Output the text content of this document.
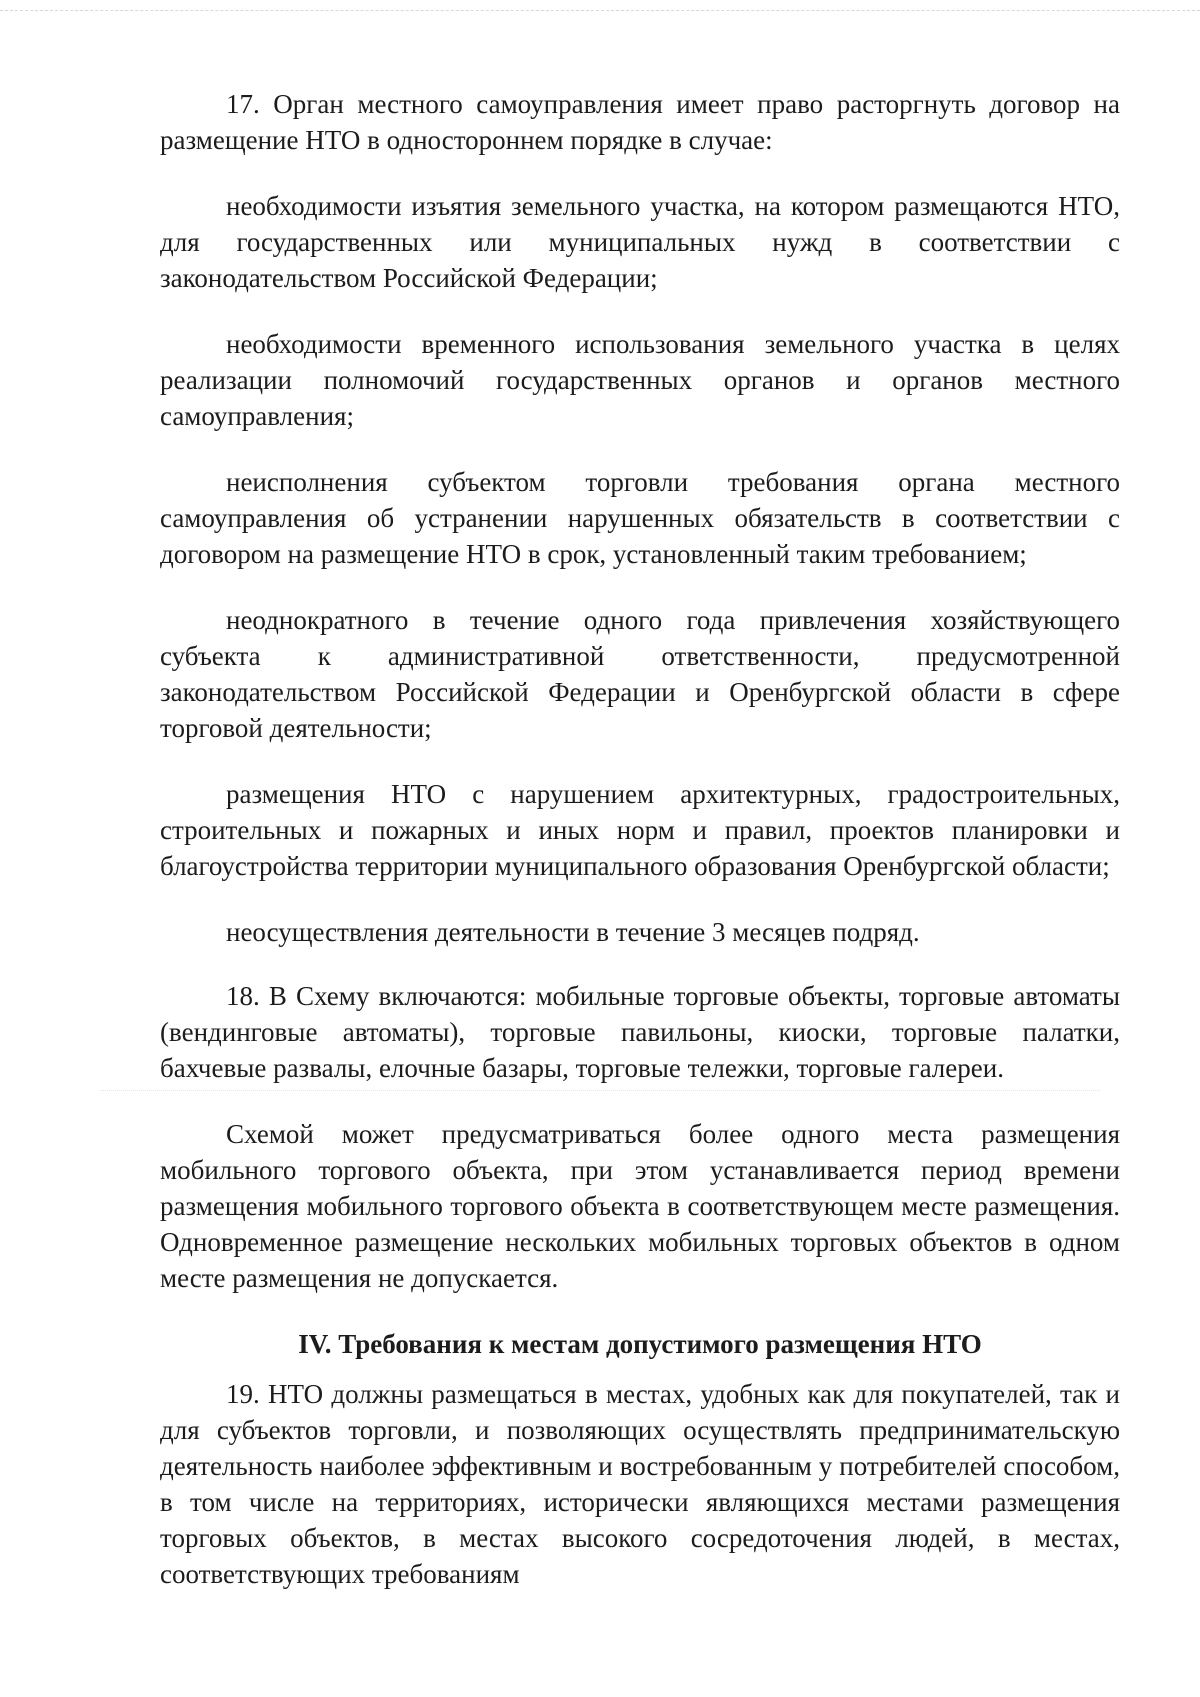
17. Орган местного самоуправления имеет право расторгнуть договор на размещение НТО в одностороннем порядке в случае:

необходимости изъятия земельного участка, на котором размещаются НТО, для государственных или муниципальных нужд в соответствии с законодательством Российской Федерации;

необходимости временного использования земельного участка в целях реализации полномочий государственных органов и органов местного самоуправления;

неисполнения субъектом торговли требования органа местного самоуправления об устранении нарушенных обязательств в соответствии с договором на размещение НТО в срок, установленный таким требованием;

неоднократного в течение одного года привлечения хозяйствующего субъекта к административной ответственности, предусмотренной законодательством Российской Федерации и Оренбургской области в сфере торговой деятельности;

размещения НТО с нарушением архитектурных, градостроительных, строительных и пожарных и иных норм и правил, проектов планировки и благоустройства территории муниципального образования Оренбургской области;

неосуществления деятельности в течение 3 месяцев подряд.

18. В Схему включаются: мобильные торговые объекты, торговые автоматы (вендинговые автоматы), торговые павильоны, киоски, торговые палатки, бахчевые развалы, елочные базары, торговые тележки, торговые галереи.

Схемой может предусматриваться более одного места размещения мобильного торгового объекта, при этом устанавливается период времени размещения мобильного торгового объекта в соответствующем месте размещения. Одновременное размещение нескольких мобильных торговых объектов в одном месте размещения не допускается.

IV. Требования к местам допустимого размещения НТО

19. НТО должны размещаться в местах, удобных как для покупателей, так и для субъектов торговли, и позволяющих осуществлять предпринимательскую деятельность наиболее эффективным и востребованным у потребителей способом, в том числе на территориях, исторически являющихся местами размещения торговых объектов, в местах высокого сосредоточения людей, в местах, соответствующих требованиям
